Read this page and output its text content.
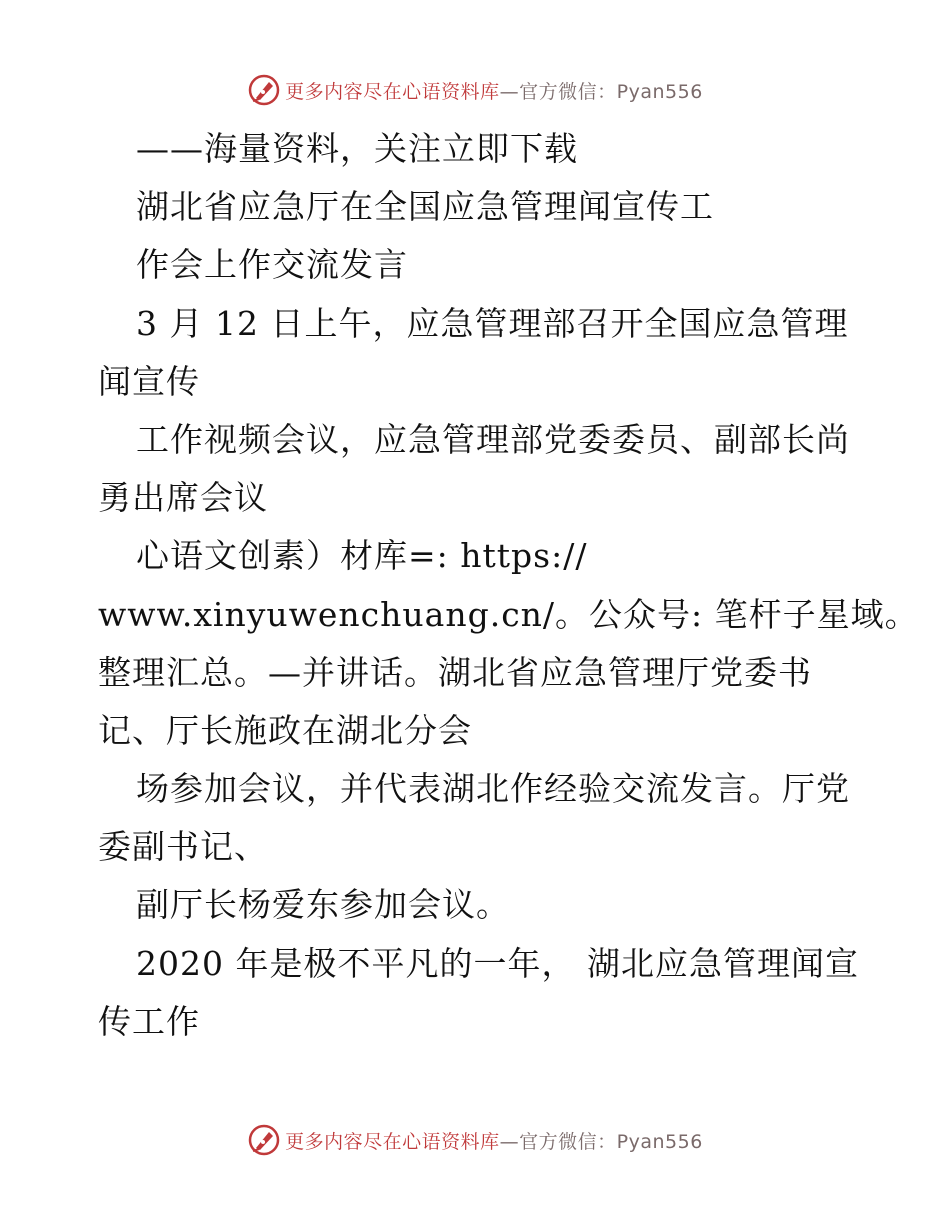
更多内容尽在心语资料库—官方微信：Pyan556
——海量资料，关注立即下载
湖北省应急厅在全国应急管理闻宣传工
作会上作交流发言
3 月 12 日上午，应急管理部召开全国应急管理
闻宣传
工作视频会议，应急管理部党委委员、副部长尚
勇出席会议
心语文创素）材库=: https://
www.xinyuwenchuang.cn/。公众号: 笔杆子星域。
整理汇总。—并讲话。湖北省应急管理厅党委书
记、厅长施政在湖北分会
场参加会议，并代表湖北作经验交流发言。厅党
委副书记、
副厅长杨爱东参加会议。
2020 年是极不平凡的一年， 湖北应急管理闻宣
传工作
更多内容尽在心语资料库—官方微信：Pyan556
